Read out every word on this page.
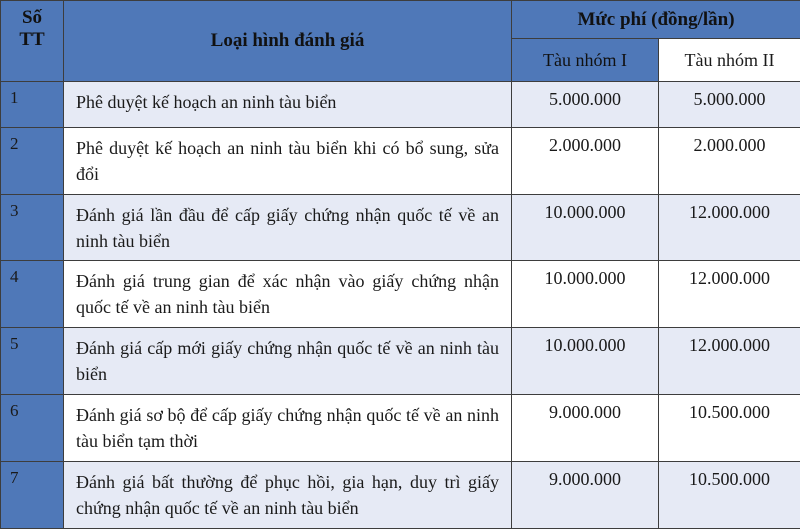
Số
TT	Loại hình đánh giá	Mức phí (đồng/lần)	
		Tàu nhóm I	Tàu nhóm II
1	Phê duyệt kế hoạch an ninh tàu biển	5.000.000	5.000.000
2	Phê duyệt kế hoạch an ninh tàu biển khi có bổ sung, sửa đổi	2.000.000	2.000.000
3	Đánh giá lần đầu để cấp giấy chứng nhận quốc tế về an ninh tàu biển	10.000.000	12.000.000
4	Đánh giá trung gian để xác nhận vào giấy chứng nhận quốc tế về an ninh tàu biển	10.000.000	12.000.000
5	Đánh giá cấp mới giấy chứng nhận quốc tế về an ninh tàu biển	10.000.000	12.000.000
6	Đánh giá sơ bộ để cấp giấy chứng nhận quốc tế về an ninh tàu biển tạm thời	9.000.000	10.500.000
7	Đánh giá bất thường để phục hồi, gia hạn, duy trì giấy chứng nhận quốc tế về an ninh tàu biển	9.000.000	10.500.000
